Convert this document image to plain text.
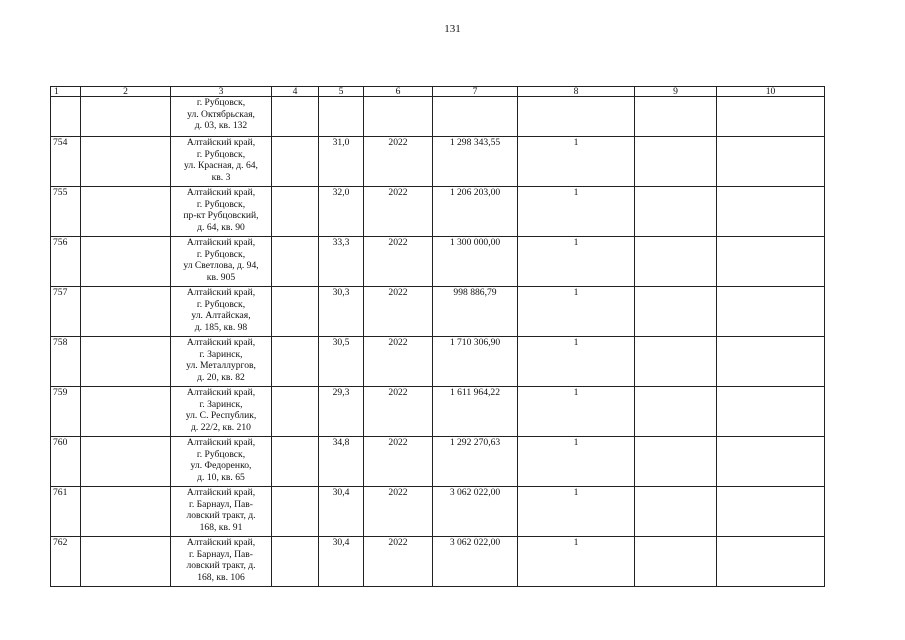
131
1	2	3	4	5	6	7	8	9	10

		г. Рубцовск,
ул. Октябрьская,
д. 03, кв. 132							

754		Алтайский край,
г. Рубцовск,
ул. Красная, д. 64,
кв. 3		31,0	2022	1 298 343,55	1		
755		Алтайский край,
г. Рубцовск,
пр-кт Рубцовский,
д. 64, кв. 90		32,0	2022	1 206 203,00	1		
756		Алтайский край,
г. Рубцовск,
ул Светлова, д. 94,
кв. 905		33,3	2022	1 300 000,00	1		
757		Алтайский край,
г. Рубцовск,
ул. Алтайская,
д. 185, кв. 98		30,3	2022	998 886,79	1		
758		Алтайский край,
г. Заринск,
ул. Металлургов,
д. 20, кв. 82		30,5	2022	1 710 306,90	1		
759		Алтайский край,
г. Заринск,
ул. С. Республик,
д. 22/2, кв. 210		29,3	2022	1 611 964,22	1		
760		Алтайский край,
г. Рубцовск,
ул. Федоренко,
д. 10, кв. 65		34,8	2022	1 292 270,63	1		
761		Алтайский край,
г. Барнаул, Пав-
ловский тракт, д.
168, кв. 91		30,4	2022	3 062 022,00	1		
762		Алтайский край,
г. Барнаул, Пав-
ловский тракт, д.
168, кв. 106		30,4	2022	3 062 022,00	1		
